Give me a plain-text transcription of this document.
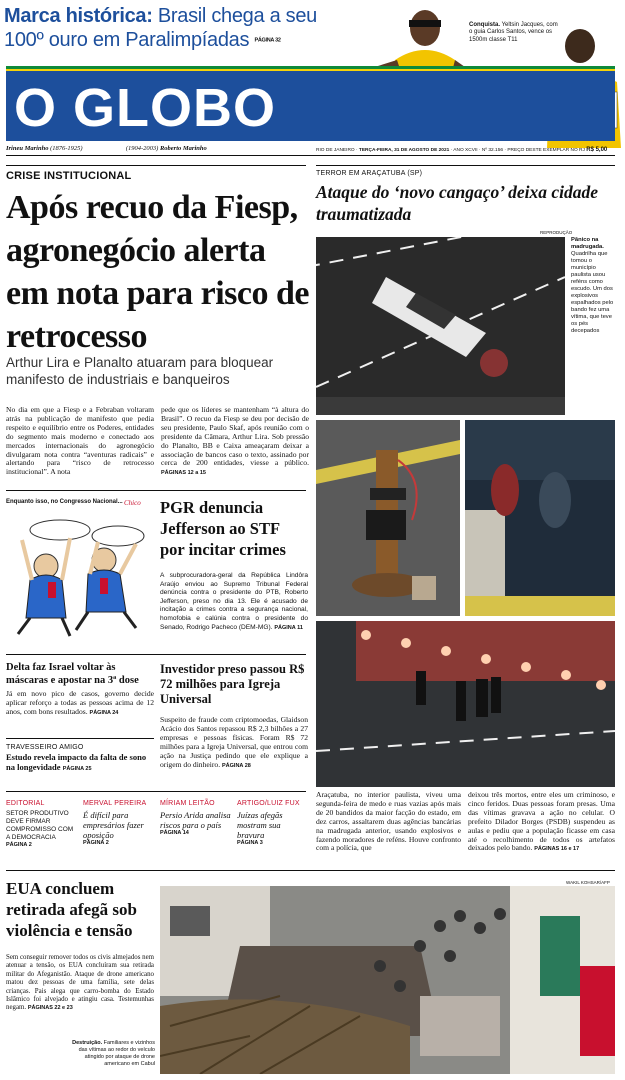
Marca histórica: Brasil chega a seu 100º ouro em Paralimpíadas PÁGINA 32
Conquista. Yeltsin Jacques, com o guia Carlos Santos, vence os 1500m classe T11
O GLOBO
Irineu Marinho (1876-1925)	(1904-2003) Roberto Marinho	RIO DE JANEIRO · TERÇA-FEIRA, 31 DE AGOSTO DE 2021 · ANO XCVII · Nº 32.156 · PREÇO DESTE EXEMPLAR NO RJ R$ 5,00
CRISE INSTITUCIONAL
Após recuo da Fiesp, agronegócio alerta em nota para risco de retrocesso
Arthur Lira e Planalto atuaram para bloquear manifesto de industriais e banqueiros
No dia em que a Fiesp e a Febraban voltaram atrás na publicação de manifesto que pedia respeito e equilíbrio entre os Poderes, entidades do segmento mais moderno e conectado aos mercados internacionais do agronegócio divulgaram nota contra “aventuras radicais” e alertando para “risco de retrocesso institucional”. A nota
pede que os líderes se mantenham “à altura do Brasil”. O recuo da Fiesp se deu por decisão de seu presidente, Paulo Skaf, após reunião com o presidente da Câmara, Arthur Lira. Sob pressão do Planalto, BB e Caixa ameaçaram deixar a associação de bancos caso o texto, assinado por cerca de 200 entidades, viesse a público. PÁGINAS 12 a 15
Enquanto isso, no Congresso Nacional... Chico PGR denuncia Jefferson ao STF por incitar crimes
A subprocuradora-geral da República Lindôra Araújo enviou ao Supremo Tribunal Federal denúncia contra o presidente do PTB, Roberto Jefferson, preso no dia 13. Ele é acusado de incitação a crimes contra a segurança nacional, homofobia e calúnia contra o presidente do Senado, Rodrigo Pacheco (DEM-MG). PÁGINA 11
Delta faz Israel voltar às máscaras e apostar na 3ª dose
Já em novo pico de casos, governo decide aplicar reforço a todas as pessoas acima de 12 anos, com bons resultados. PÁGINA 24
TRAVESSEIRO AMIGO
Estudo revela impacto da falta de sono na longevidade PÁGINA 25
Investidor preso passou R$ 72 milhões para Igreja Universal
Suspeito de fraude com criptomoedas, Glaidson Acácio dos Santos repassou R$ 2,3 bilhões a 27 empresas e pessoas físicas. Foram R$ 72 milhões para a Igreja Universal, que entrou com ação na Justiça pedindo que ele explique a origem do dinheiro. PÁGINA 28
EDITORIAL
SETOR PRODUTIVO DEVE FIRMAR COMPROMISSO COM A DEMOCRACIA
PÁGINA 2
MERVAL PEREIRA
É difícil para empresários fazer oposição
PÁGINA 2
MÍRIAM LEITÃO
Persio Arida analisa riscos para o país
PÁGINA 14
ARTIGO/LUIZ FUX
Juízas afegãs mostram sua bravura
PÁGINA 3
TERROR EM ARAÇATUBA (SP)
Ataque do ‘novo cangaço’ deixa cidade traumatizada
REPRODUÇÃO
Pânico na madrugada. Quadrilha que tomou o município paulista usou reféns como escudo. Um dos explosivos espalhados pelo bando fez uma vítima, que teve os pés decepados
Araçatuba, no interior paulista, viveu uma segunda-feira de medo e ruas vazias após mais de 20 bandidos da maior facção do estado, em dez carros, assaltarem duas agências bancárias na madrugada anterior, usando explosivos e fazendo moradores de reféns. Houve confronto com a polícia, que
deixou três mortos, entre eles um criminoso, e cinco feridos. Duas pessoas foram presas. Uma das vítimas gravava a ação no celular. O prefeito Dilador Borges (PSDB) suspendeu as aulas e pediu que a população ficasse em casa até o recolhimento de todos os artefatos deixados pelo bando. PÁGINAS 16 e 17
EUA concluem retirada afegã sob violência e tensão
Sem conseguir remover todos os civis almejados nem atenuar a tensão, os EUA concluíram sua retirada militar do Afeganistão. Ataque de drone americano matou dez pessoas de uma família, sete delas crianças. Pais alega que carro-bomba do Estado Islâmico foi alvejado e atingiu casa. Testemunhas negam. PÁGINAS 22 e 23
Destruição. Familiares e vizinhos das vítimas ao redor do veículo atingido por ataque de drone americano em Cabul
WAKIL KOHSAR/AFP
